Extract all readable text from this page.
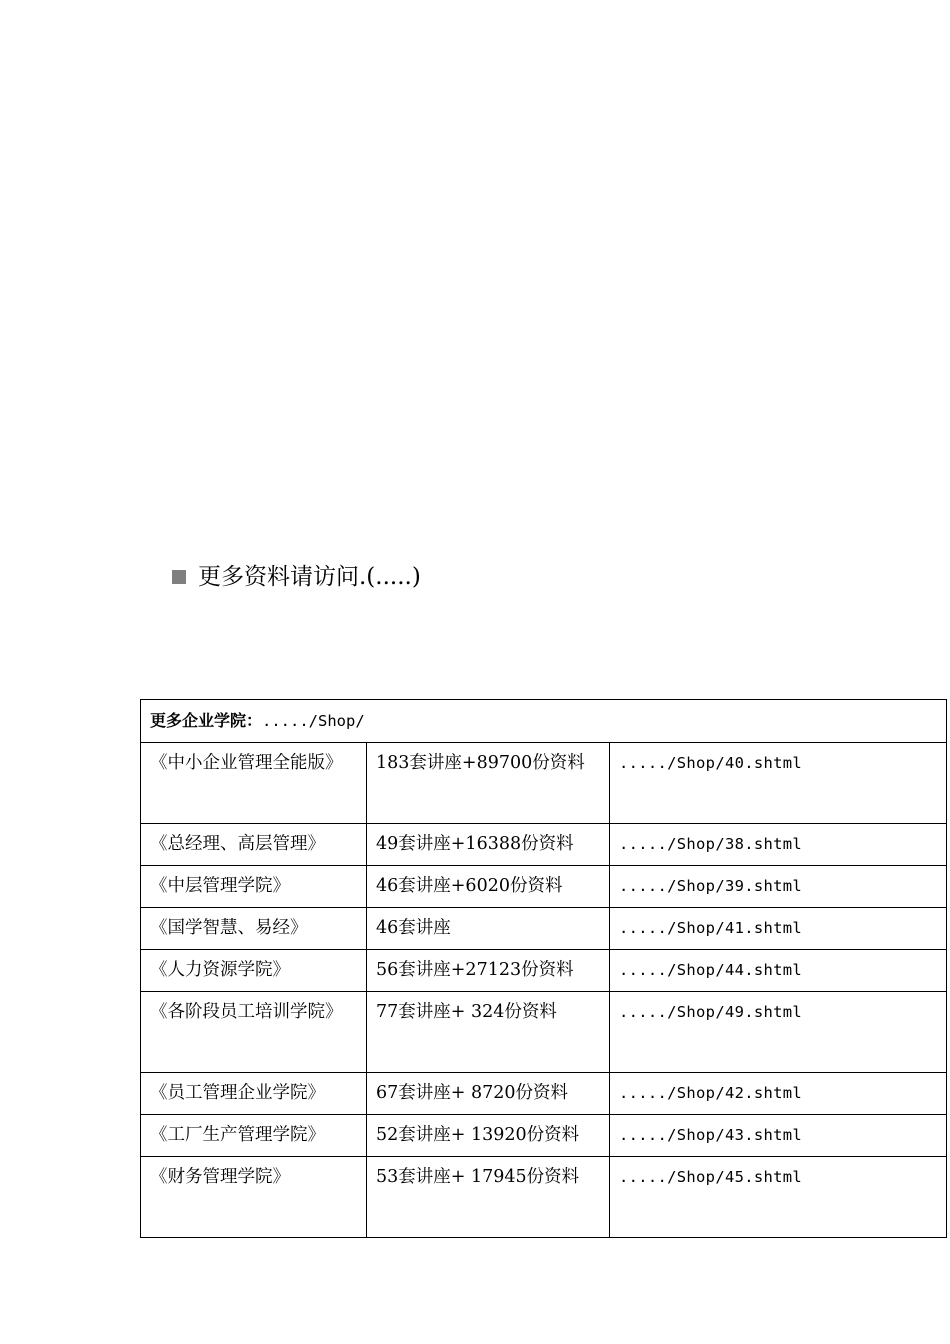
更多资料请访问.(.....)
更多企业学院：...../Shop/		
《中小企业管理全能版》	183套讲座+89700份资料	...../Shop/40.shtml
《总经理、高层管理》	49套讲座+16388份资料	...../Shop/38.shtml
《中层管理学院》	46套讲座+6020份资料	...../Shop/39.shtml
《国学智慧、易经》	46套讲座	...../Shop/41.shtml
《人力资源学院》	56套讲座+27123份资料	...../Shop/44.shtml
《各阶段员工培训学院》	77套讲座+ 324份资料	...../Shop/49.shtml
《员工管理企业学院》	67套讲座+ 8720份资料	...../Shop/42.shtml
《工厂生产管理学院》	52套讲座+ 13920份资料	...../Shop/43.shtml
《财务管理学院》	53套讲座+ 17945份资料	...../Shop/45.shtml
